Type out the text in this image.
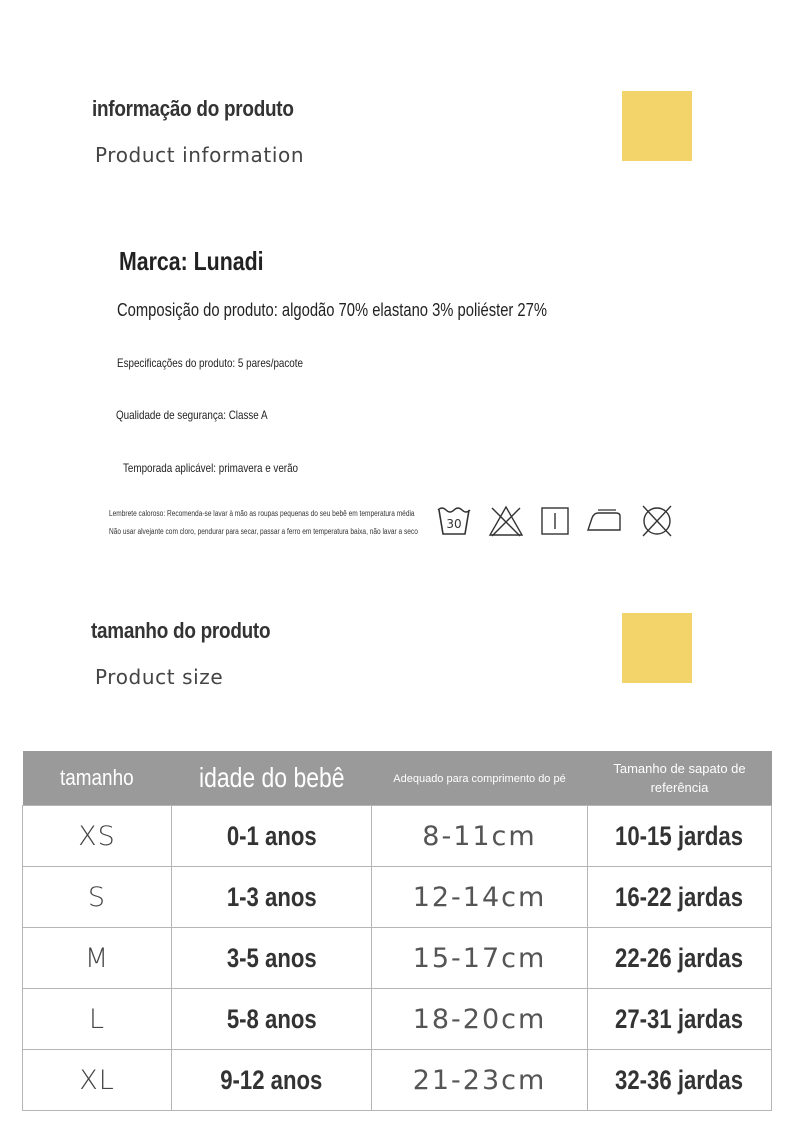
informação do produto
Product information
Marca: Lunadi
Composição do produto: algodão 70% elastano 3% poliéster 27%
Especificações do produto: 5 pares/pacote
Qualidade de segurança: Classe A
Temporada aplicável: primavera e verão
Lembrete caloroso: Recomenda-se lavar à mão as roupas pequenas do seu bebê em temperatura média
Não usar alvejante com cloro, pendurar para secar, passar a ferro em temperatura baixa, não lavar a seco
30
tamanho do produto
Product size
tamanho	idade do bebê	Adequado para comprimento do pé	Tamanho de sapato de referência
XS	0-1 anos	8-11cm	10-15 jardas
S	1-3 anos	12-14cm	16-22 jardas
M	3-5 anos	15-17cm	22-26 jardas
L	5-8 anos	18-20cm	27-31 jardas
XL	9-12 anos	21-23cm	32-36 jardas
